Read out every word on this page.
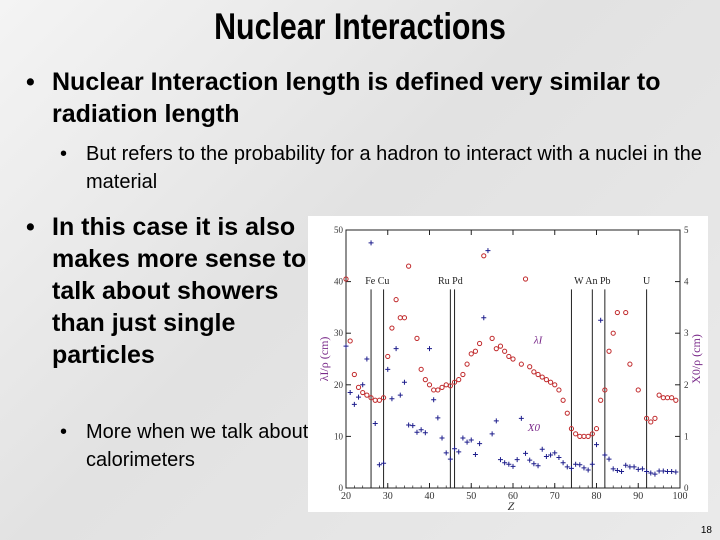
Nuclear Interactions
• Nuclear Interaction length is defined very similar to radiation length
• But refers to the probability for a hadron to interact with a nuclei in the material
• In this case it is also makes more sense to talk about showers than just single particles
• More when we talk about calorimeters
20	30	40	50	60	70	80	90	100
0
10
20
30
40
50
0
1
2
3
4
5
Z
λI/ρ (cm)	X0/ρ (cm)
Fe Cu	Ru Pd	W An Pb	U
λI
X0
18
